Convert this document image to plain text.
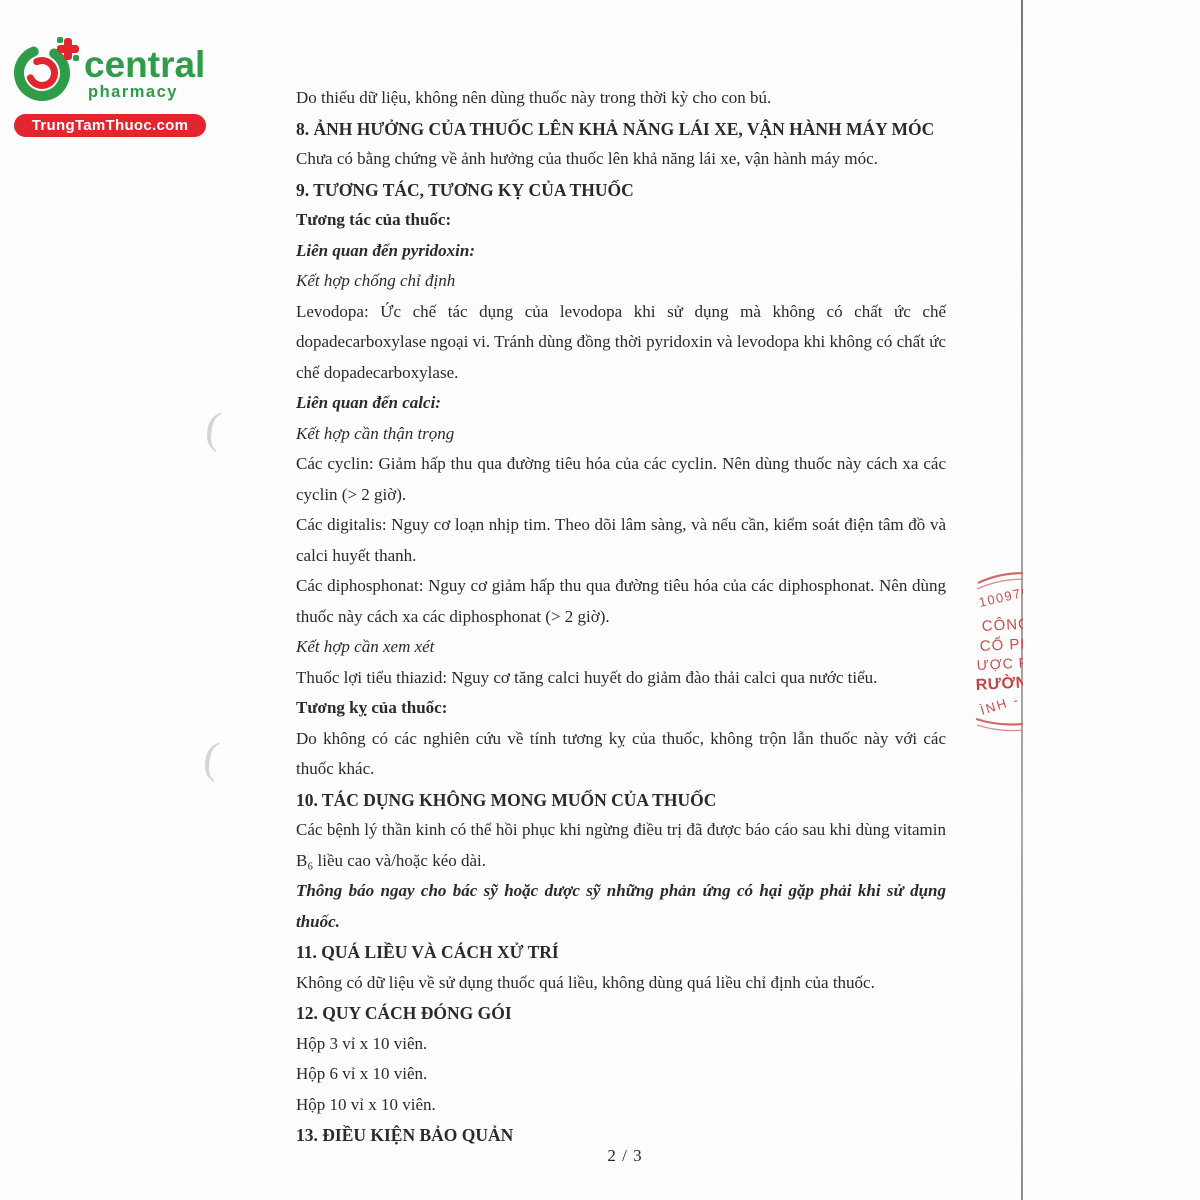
central
pharmacy
TrungTamThuoc.com
(
(

Do thiếu dữ liệu, không nên dùng thuốc này trong thời kỳ cho con bú.

8. ẢNH HƯỞNG CỦA THUỐC LÊN KHẢ NĂNG LÁI XE, VẬN HÀNH MÁY MÓC

Chưa có bằng chứng về ảnh hưởng của thuốc lên khả năng lái xe, vận hành máy móc.

9. TƯƠNG TÁC, TƯƠNG KỴ CỦA THUỐC

Tương tác của thuốc:

Liên quan đến pyridoxin:

Kết hợp chống chỉ định

Levodopa: Ức chế tác dụng của levodopa khi sử dụng mà không có chất ức chế dopadecarboxylase ngoại vi. Tránh dùng đồng thời pyridoxin và levodopa khi không có chất ức chế dopadecarboxylase.

Liên quan đến calci:

Kết hợp cần thận trọng

Các cyclin: Giảm hấp thu qua đường tiêu hóa của các cyclin. Nên dùng thuốc này cách xa các cyclin (> 2 giờ).

Các digitalis: Nguy cơ loạn nhịp tim. Theo dõi lâm sàng, và nếu cần, kiểm soát điện tâm đồ và calci huyết thanh.

Các diphosphonat: Nguy cơ giảm hấp thu qua đường tiêu hóa của các diphosphonat. Nên dùng thuốc này cách xa các diphosphonat (> 2 giờ).

Kết hợp cần xem xét

Thuốc lợi tiểu thiazid: Nguy cơ tăng calci huyết do giảm đào thải calci qua nước tiểu.

Tương kỵ của thuốc:

Do không có các nghiên cứu về tính tương kỵ của thuốc, không trộn lẫn thuốc này với các thuốc khác.

10. TÁC DỤNG KHÔNG MONG MUỐN CỦA THUỐC

Các bệnh lý thần kinh có thể hồi phục khi ngừng điều trị đã được báo cáo sau khi dùng vitamin B₆ liều cao và/hoặc kéo dài.

Thông báo ngay cho bác sỹ hoặc dược sỹ những phản ứng có hại gặp phải khi sử dụng thuốc.

11. QUÁ LIỀU VÀ CÁCH XỬ TRÍ

Không có dữ liệu về sử dụng thuốc quá liều, không dùng quá liều chỉ định của thuốc.

12. QUY CÁCH ĐÓNG GÓI

Hộp 3 vỉ x 10 viên.

Hộp 6 vỉ x 10 viên.

Hộp 10 vỉ x 10 viên.

13. ĐIỀU KIỆN BẢO QUẢN

100976
CÔNG
CỔ PH
ƯỢC P
RƯỜNG
ÌNH -
2 / 3
